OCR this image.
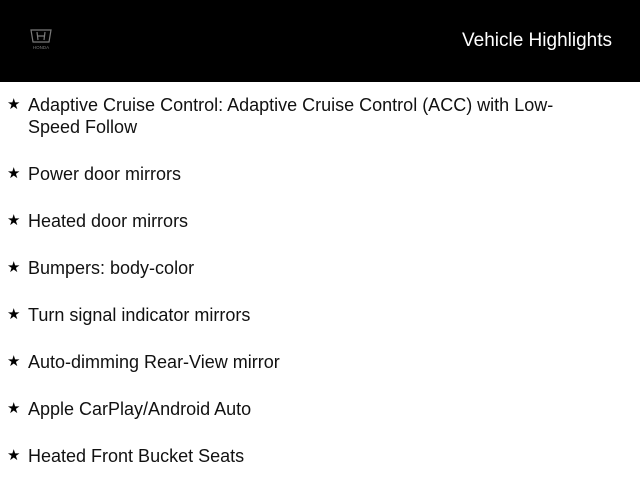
HONDA	Vehicle Highlights
★ Adaptive Cruise Control: Adaptive Cruise Control (ACC) with Low-Speed Follow
★ Power door mirrors
★ Heated door mirrors
★ Bumpers: body-color
★ Turn signal indicator mirrors
★ Auto-dimming Rear-View mirror
★ Apple CarPlay/Android Auto
★ Heated Front Bucket Seats
